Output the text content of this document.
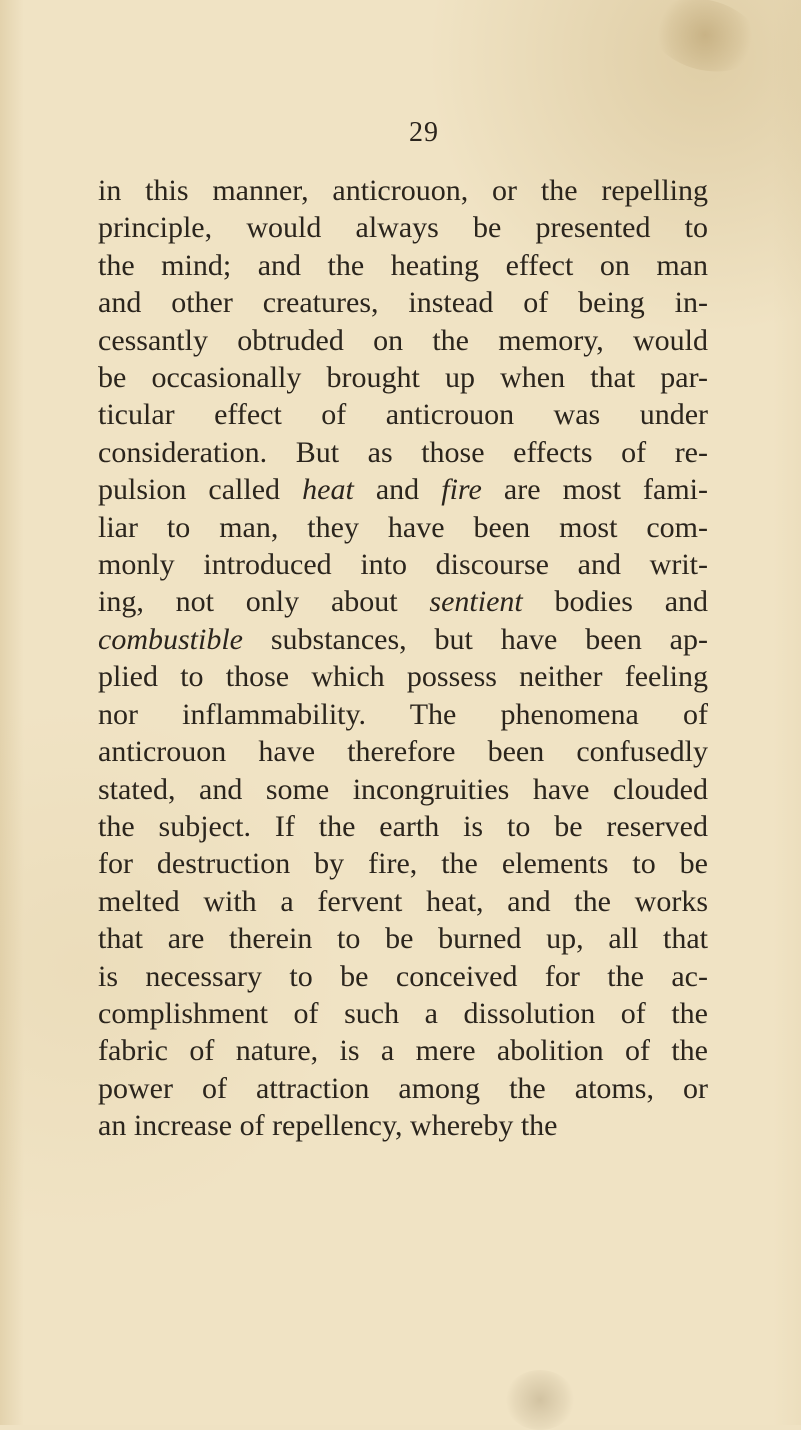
29

in this manner, anticrouon, or the repelling
principle, would always be presented to
the mind; and the heating effect on man
and other creatures, instead of being in-
cessantly obtruded on the memory, would
be occasionally brought up when that par-
ticular effect of anticrouon was under
consideration. But as those effects of re-
pulsion called heat and fire are most fami-
liar to man, they have been most com-
monly introduced into discourse and writ-
ing, not only about sentient bodies and
combustible substances, but have been ap-
plied to those which possess neither feeling
nor inflammability. The phenomena of
anticrouon have therefore been confusedly
stated, and some incongruities have clouded
the subject. If the earth is to be reserved
for destruction by fire, the elements to be
melted with a fervent heat, and the works
that are therein to be burned up, all that
is necessary to be conceived for the ac-
complishment of such a dissolution of the
fabric of nature, is a mere abolition of the
power of attraction among the atoms, or
an increase of repellency, whereby the
